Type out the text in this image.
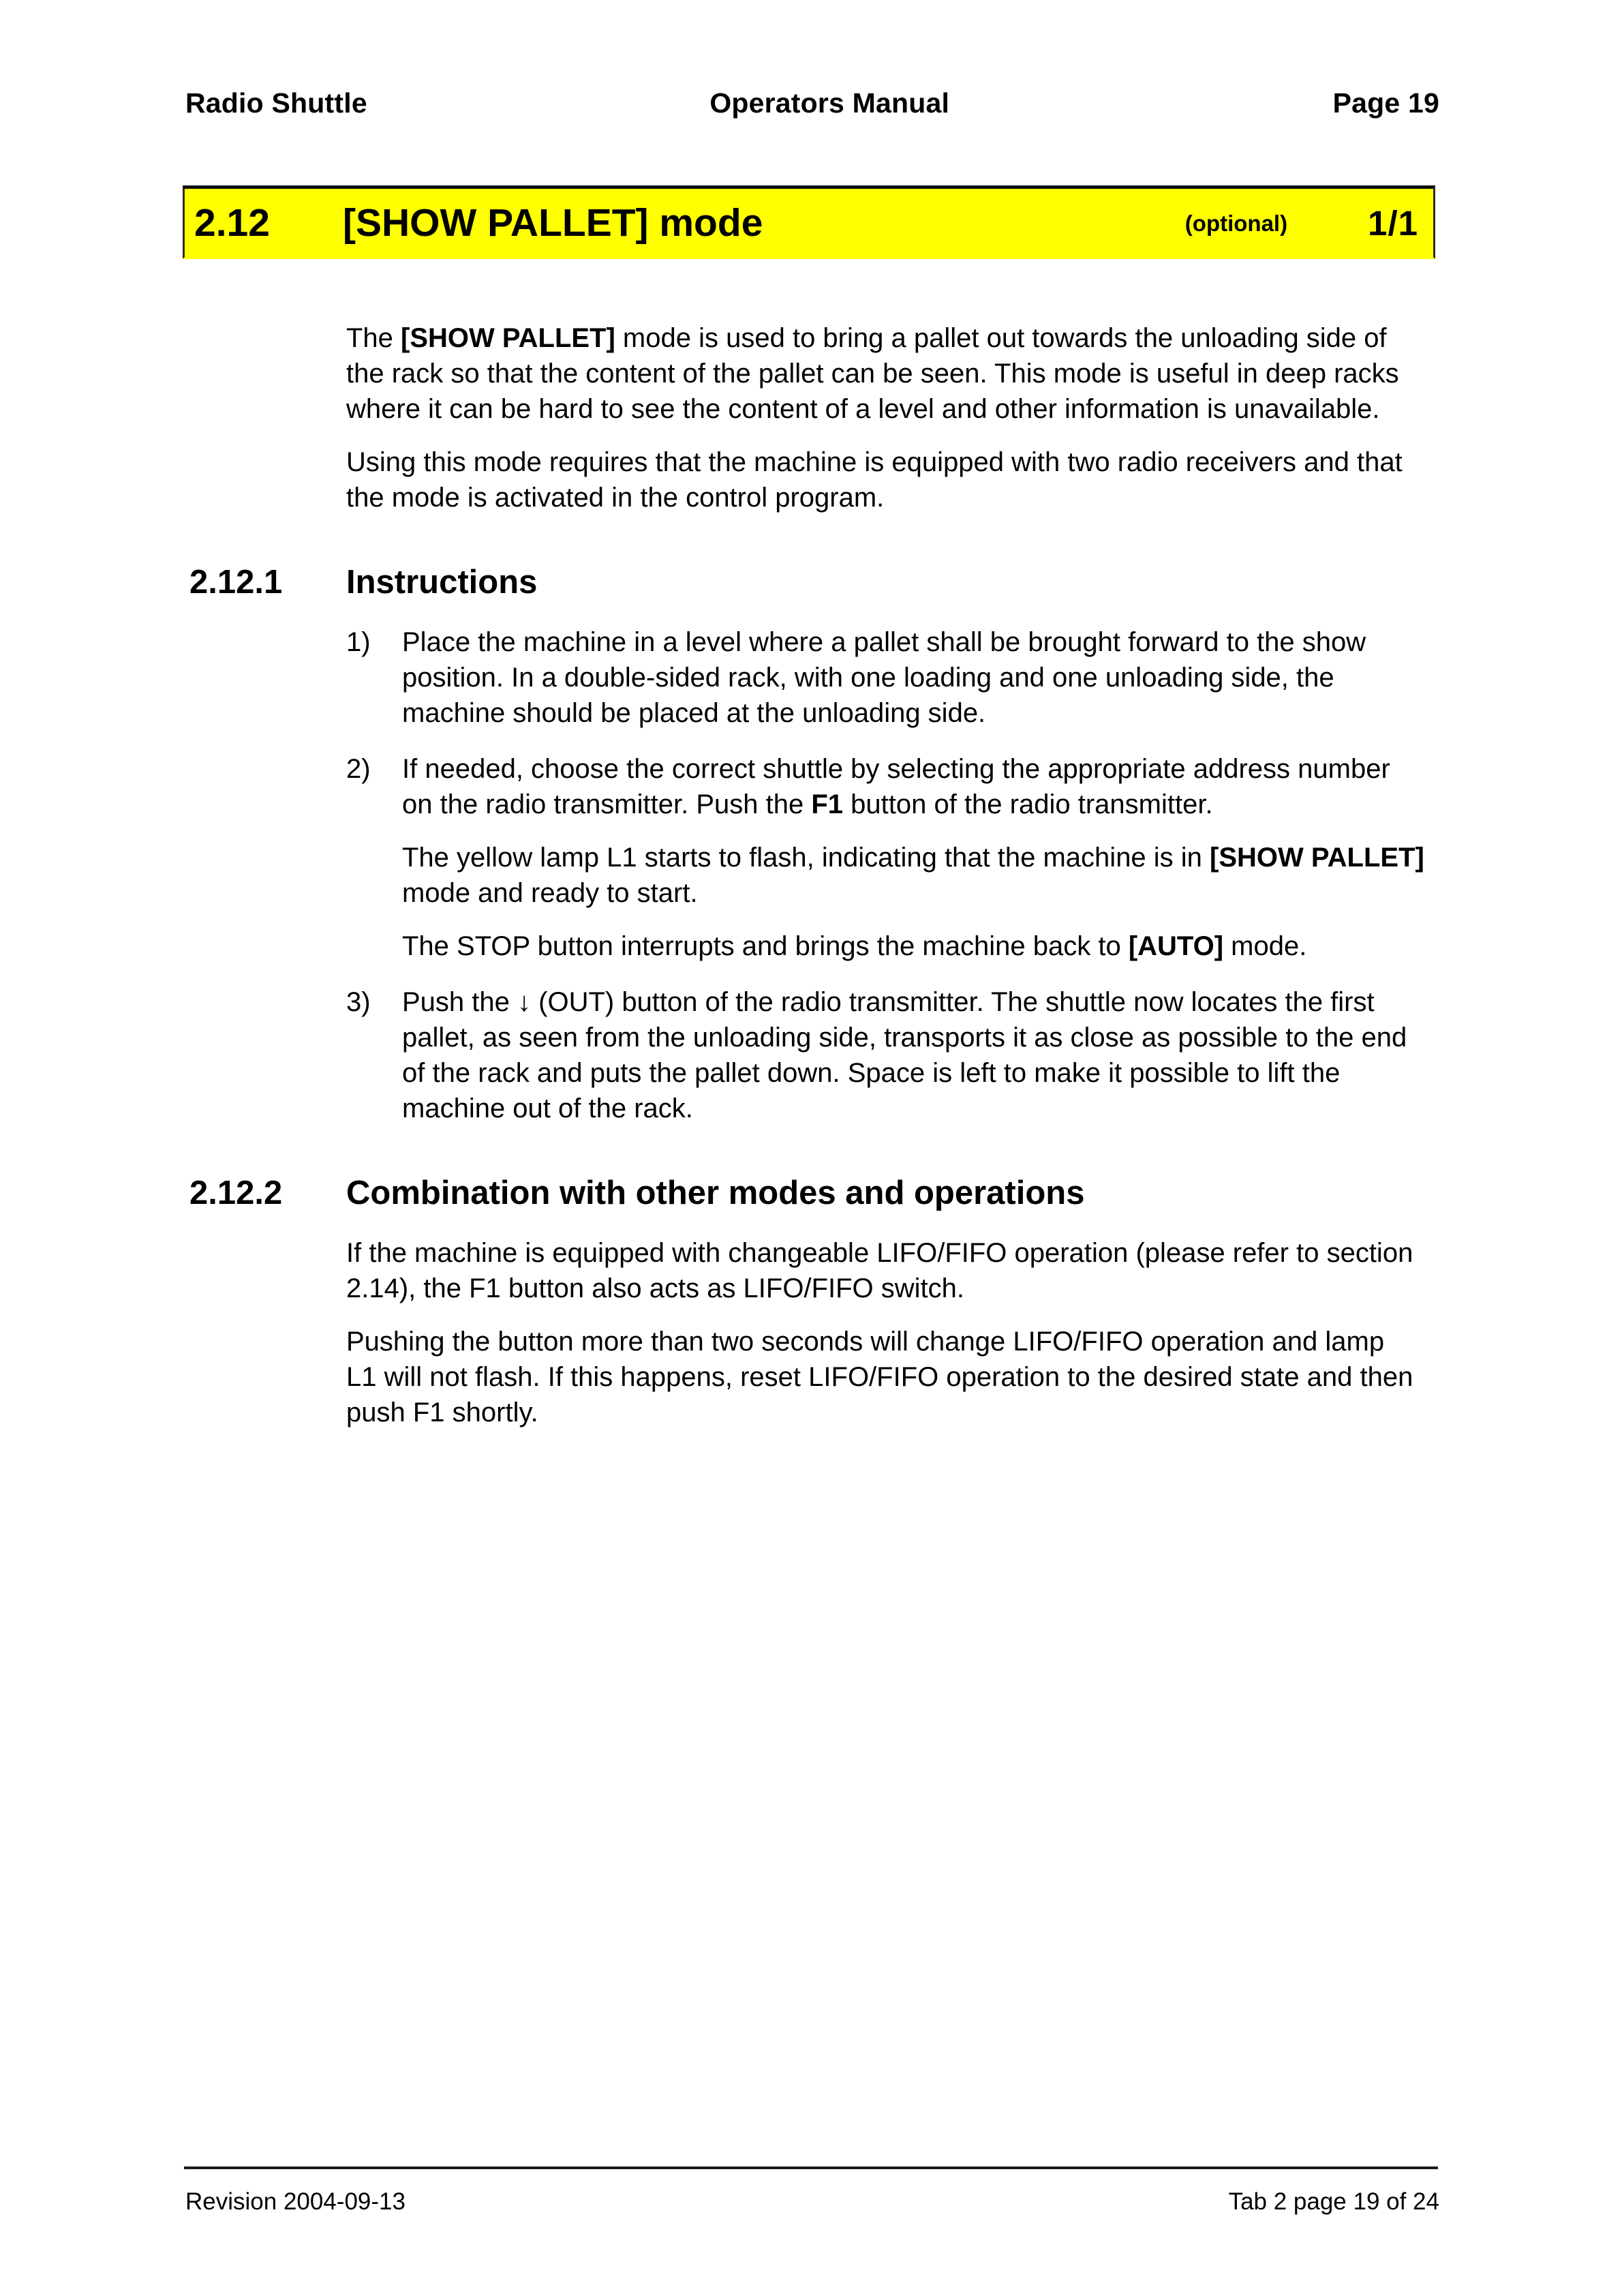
Radio Shuttle	Operators Manual	Page 19
2.12	[SHOW PALLET] mode	(optional)	1/1

The [SHOW PALLET] mode is used to bring a pallet out towards the unloading side of the rack so that the content of the pallet can be seen. This mode is useful in deep racks where it can be hard to see the content of a level and other information is unavailable.

Using this mode requires that the machine is equipped with two radio receivers and that the mode is activated in the control program.

2.12.1	Instructions
1)	Place the machine in a level where a pallet shall be brought forward to the show position. In a double-sided rack, with one loading and one unloading side, the machine should be placed at the unloading side.

2)	If needed, choose the correct shuttle by selecting the appropriate address number on the radio transmitter. Push the F1 button of the radio transmitter.

The yellow lamp L1 starts to flash, indicating that the machine is in [SHOW PALLET] mode and ready to start.

The STOP button interrupts and brings the machine back to [AUTO] mode.

3)	Push the ↓ (OUT) button of the radio transmitter. The shuttle now locates the first pallet, as seen from the unloading side, transports it as close as possible to the end of the rack and puts the pallet down. Space is left to make it possible to lift the machine out of the rack.

2.12.2	Combination with other modes and operations

If the machine is equipped with changeable LIFO/FIFO operation (please refer to section 2.14), the F1 button also acts as LIFO/FIFO switch.

Pushing the button more than two seconds will change LIFO/FIFO operation and lamp L1 will not flash. If this happens, reset LIFO/FIFO operation to the desired state and then push F1 shortly.

Revision 2004-09-13	Tab 2 page 19 of 24
